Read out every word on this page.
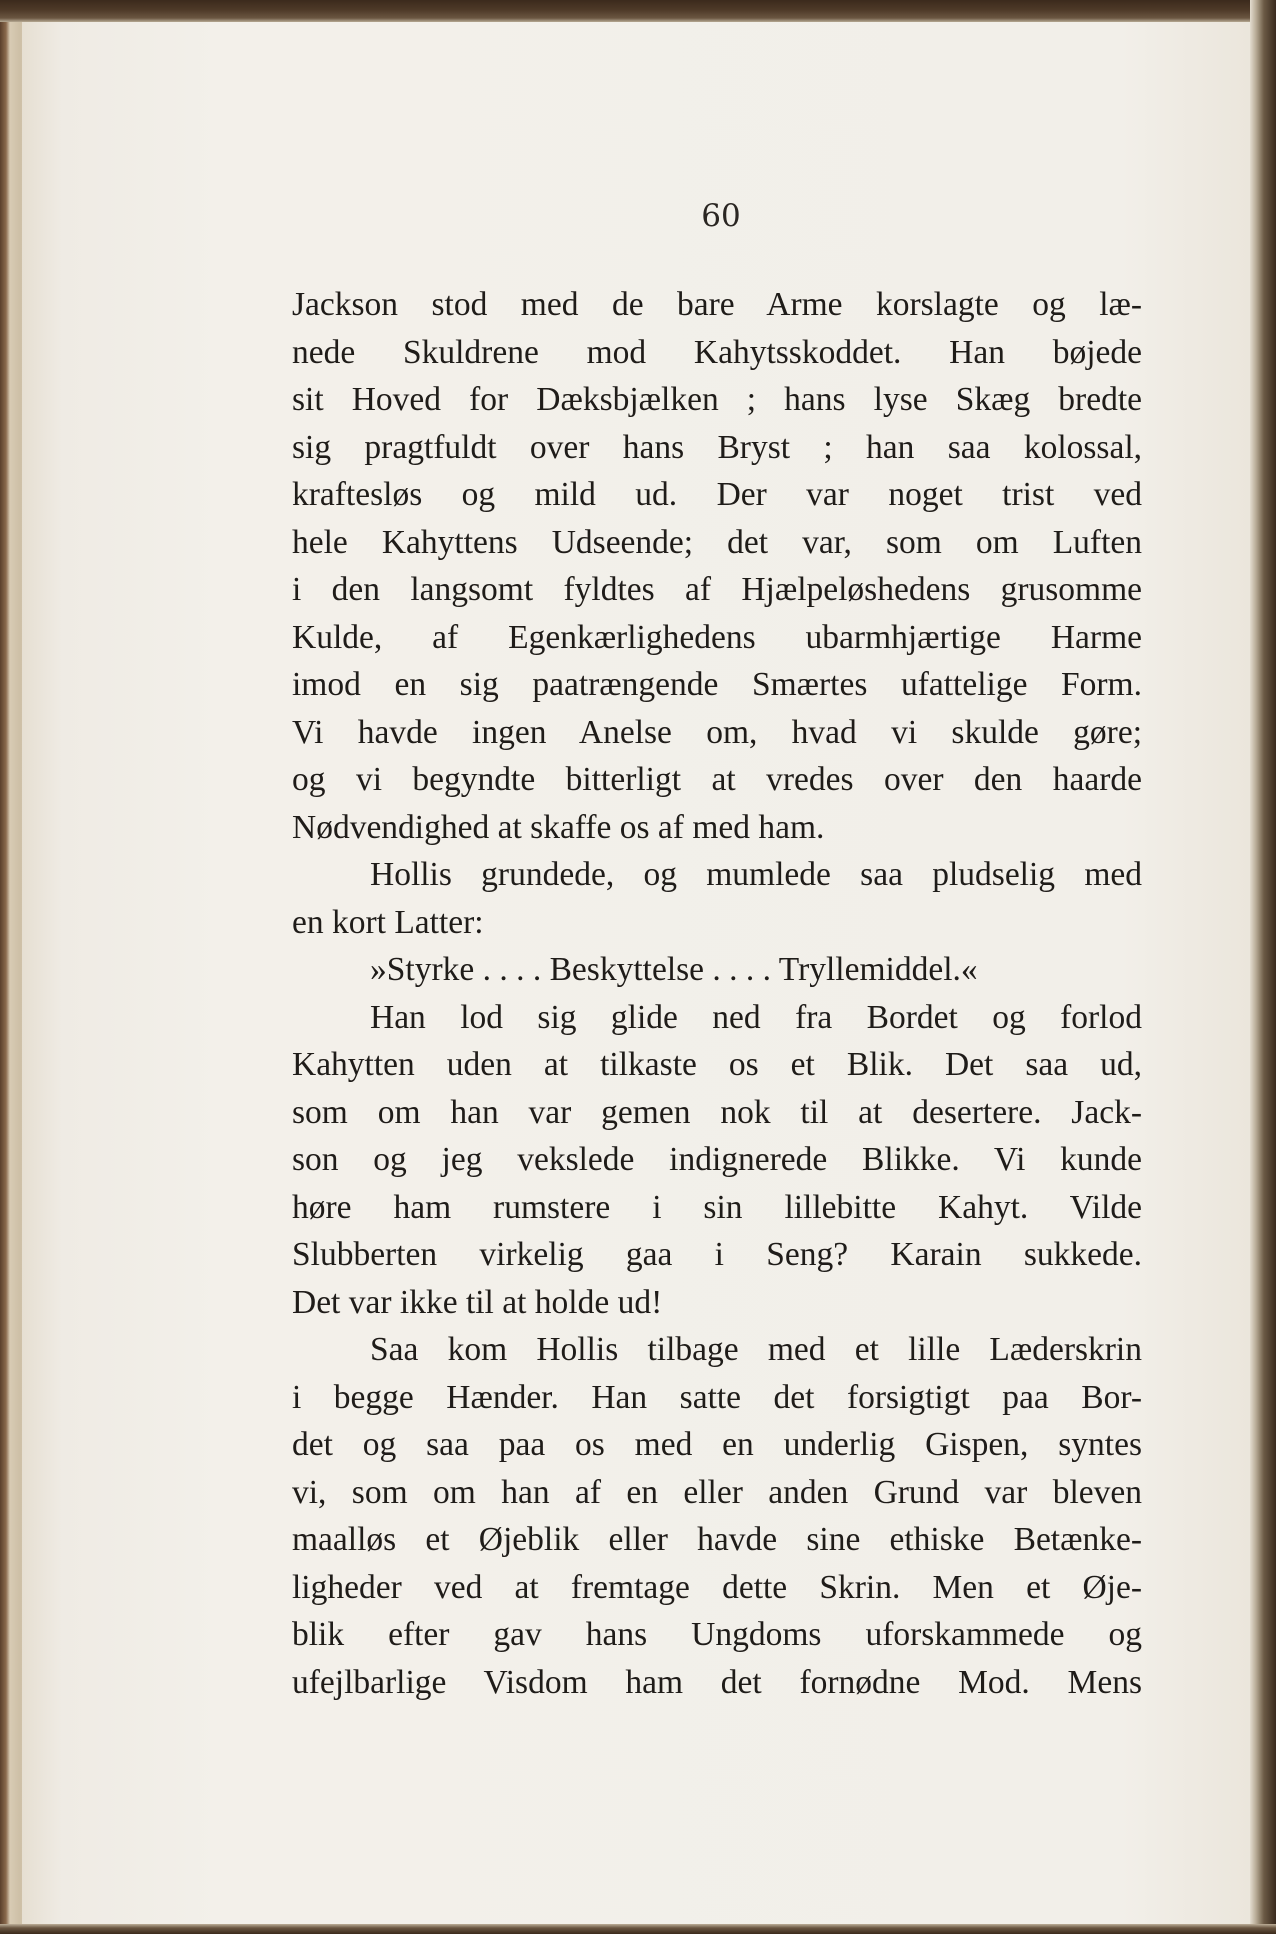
60
Jackson stod med de bare Arme korslagte og læ-
nede Skuldrene mod Kahytsskoddet. Han bøjede
sit Hoved for Dæksbjælken ; hans lyse Skæg bredte
sig pragtfuldt over hans Bryst ; han saa kolossal,
kraftesløs og mild ud. Der var noget trist ved
hele Kahyttens Udseende; det var, som om Luften
i den langsomt fyldtes af Hjælpeløshedens grusomme
Kulde, af Egenkærlighedens ubarmhjærtige Harme
imod en sig paatrængende Smærtes ufattelige Form.
Vi havde ingen Anelse om, hvad vi skulde gøre;
og vi begyndte bitterligt at vredes over den haarde
Nødvendighed at skaffe os af med ham.
Hollis grundede, og mumlede saa pludselig med
en kort Latter:
»Styrke . . . . Beskyttelse . . . . Tryllemiddel.«
Han lod sig glide ned fra Bordet og forlod
Kahytten uden at tilkaste os et Blik. Det saa ud,
som om han var gemen nok til at desertere. Jack-
son og jeg vekslede indignerede Blikke. Vi kunde
høre ham rumstere i sin lillebitte Kahyt. Vilde
Slubberten virkelig gaa i Seng? Karain sukkede.
Det var ikke til at holde ud!
Saa kom Hollis tilbage med et lille Læderskrin
i begge Hænder. Han satte det forsigtigt paa Bor-
det og saa paa os med en underlig Gispen, syntes
vi, som om han af en eller anden Grund var bleven
maalløs et Øjeblik eller havde sine ethiske Betænke-
ligheder ved at fremtage dette Skrin. Men et Øje-
blik efter gav hans Ungdoms uforskammede og
ufejlbarlige Visdom ham det fornødne Mod. Mens
